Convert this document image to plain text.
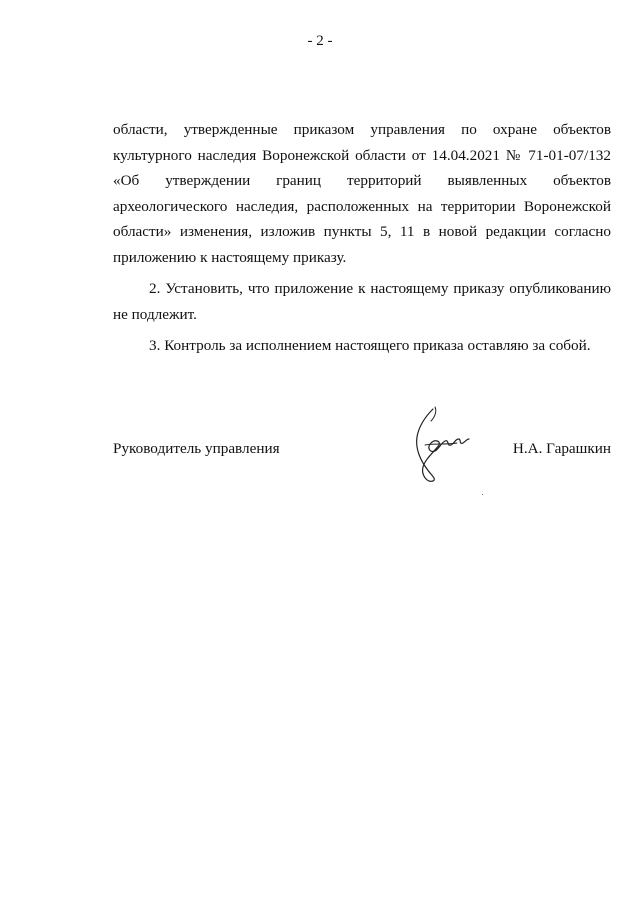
- 2 -

области, утвержденные приказом управления по охране объектов культурного наследия Воронежской области от 14.04.2021 № 71-01-07/132 «Об утверждении границ территорий выявленных объектов археологического наследия, расположенных на территории Воронежской области» изменения, изложив пункты 5, 11 в новой редакции согласно приложению к настоящему приказу.

2. Установить, что приложение к настоящему приказу опубликованию не подлежит.

3. Контроль за исполнением настоящего приказа оставляю за собой.

Руководитель управления	Н.А. Гарашкин
